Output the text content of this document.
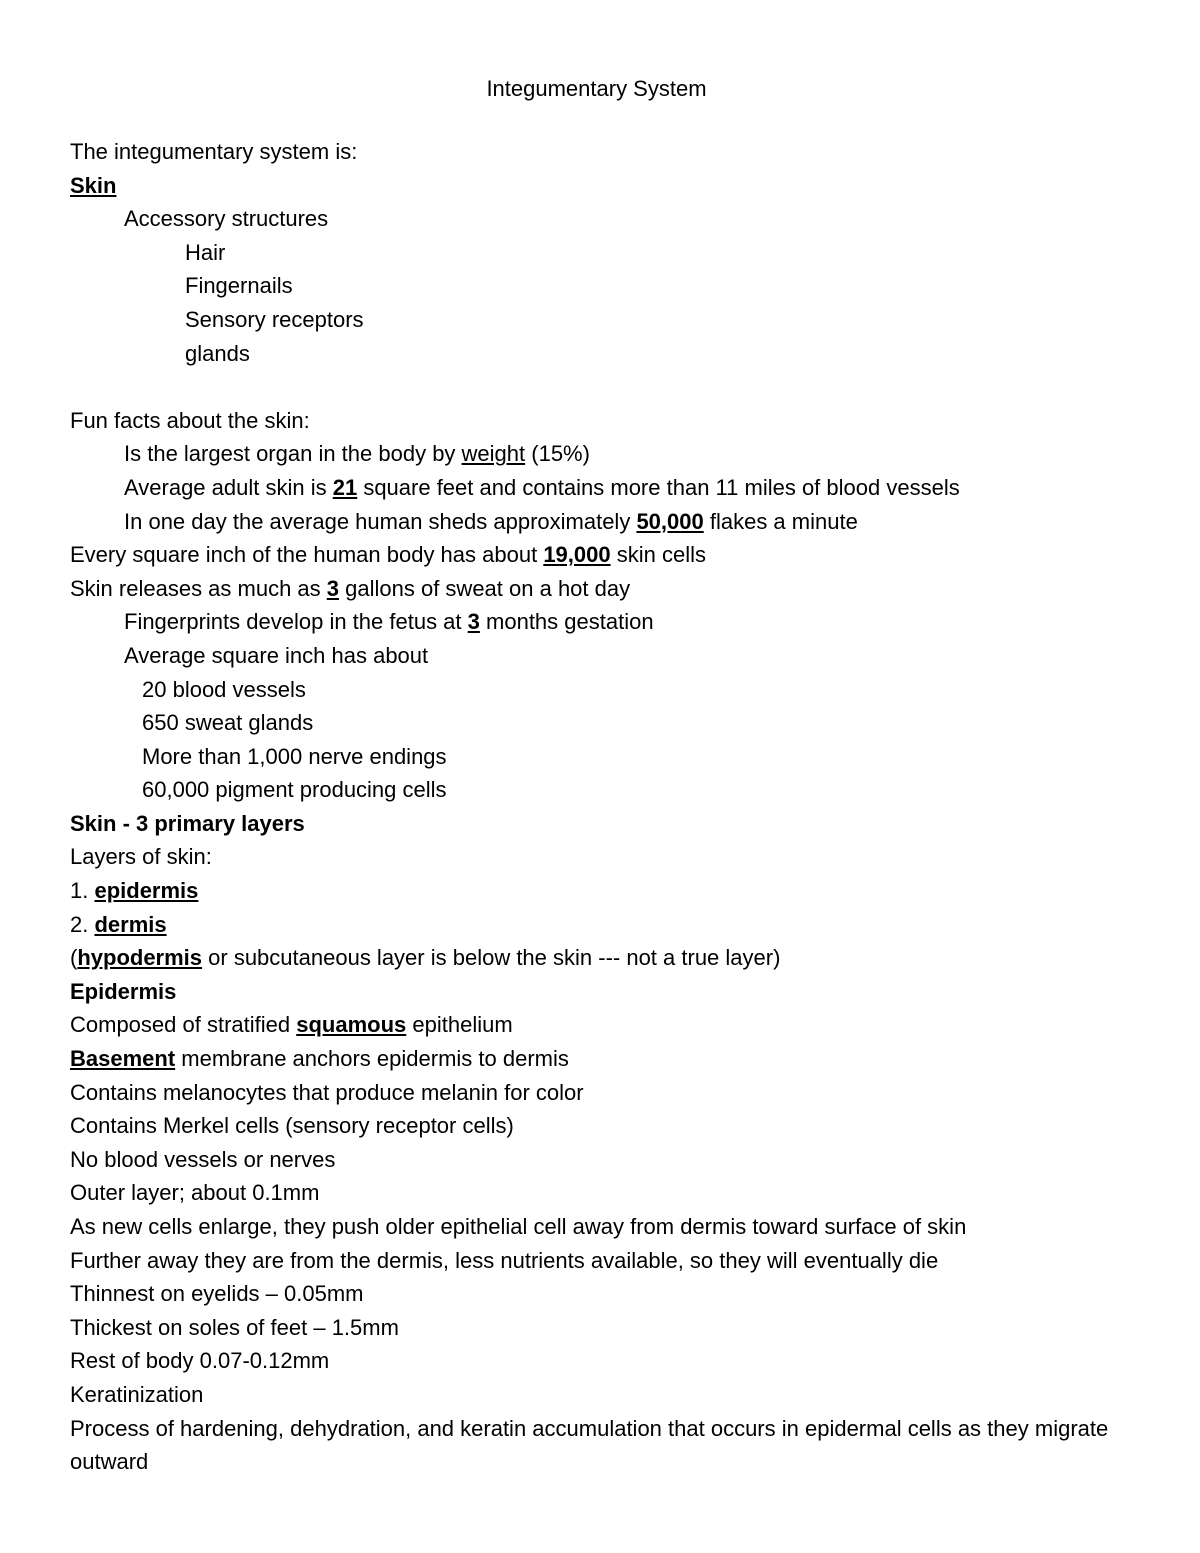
Integumentary System
The integumentary system is:
Skin
Accessory structures
Hair
Fingernails
Sensory receptors
glands
Fun facts about the skin:
Is the largest organ in the body by weight (15%)
Average adult skin is 21 square feet and contains more than 11 miles of blood vessels
In one day the average human sheds approximately 50,000 flakes a minute
Every square inch of the human body has about 19,000 skin cells
Skin releases as much as 3 gallons of sweat on a hot day
Fingerprints develop in the fetus at 3 months gestation
Average square inch has about
20 blood vessels
650 sweat glands
More than 1,000 nerve endings
60,000 pigment producing cells
Skin - 3 primary layers
Layers of skin:
1. epidermis
2. dermis
(hypodermis or subcutaneous layer is below the skin --- not a true layer)
Epidermis
Composed of stratified squamous epithelium
Basement membrane anchors epidermis to dermis
Contains melanocytes that produce melanin for color
Contains Merkel cells (sensory receptor cells)
No blood vessels or nerves
Outer layer; about 0.1mm
As new cells enlarge, they push older epithelial cell away from dermis toward surface of skin
Further away they are from the dermis, less nutrients available, so they will eventually die
Thinnest on eyelids – 0.05mm
Thickest on soles of feet – 1.5mm
Rest of body 0.07-0.12mm
Keratinization
Process of hardening, dehydration, and keratin accumulation that occurs in epidermal cells as they migrate outward
